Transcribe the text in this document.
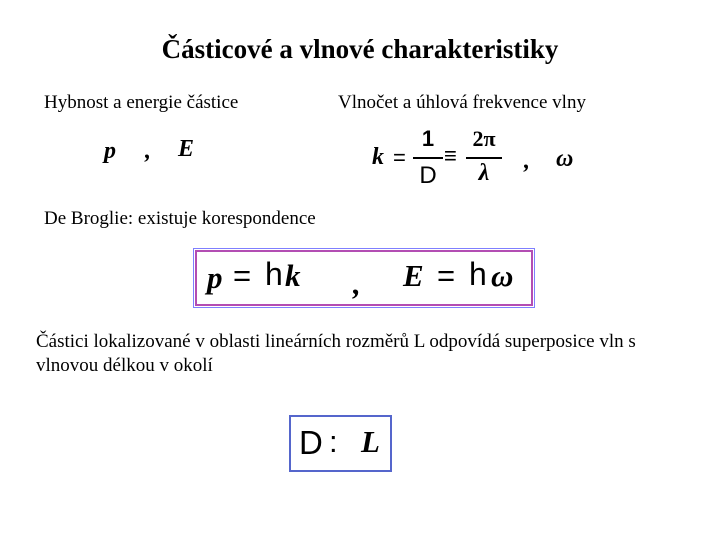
Částicové a vlnové charakteristiky
Hybnost a energie částice	Vlnočet a úhlová frekvence vlny
p , E	k =
1
D
≡
2π
λ	, ω
De Broglie: existuje korespondence
p = h k , E = h ω
Částici lokalizované v oblasti lineárních rozměrů L odpovídá superposice vln s vlnovou délkou v okolí
D : L
